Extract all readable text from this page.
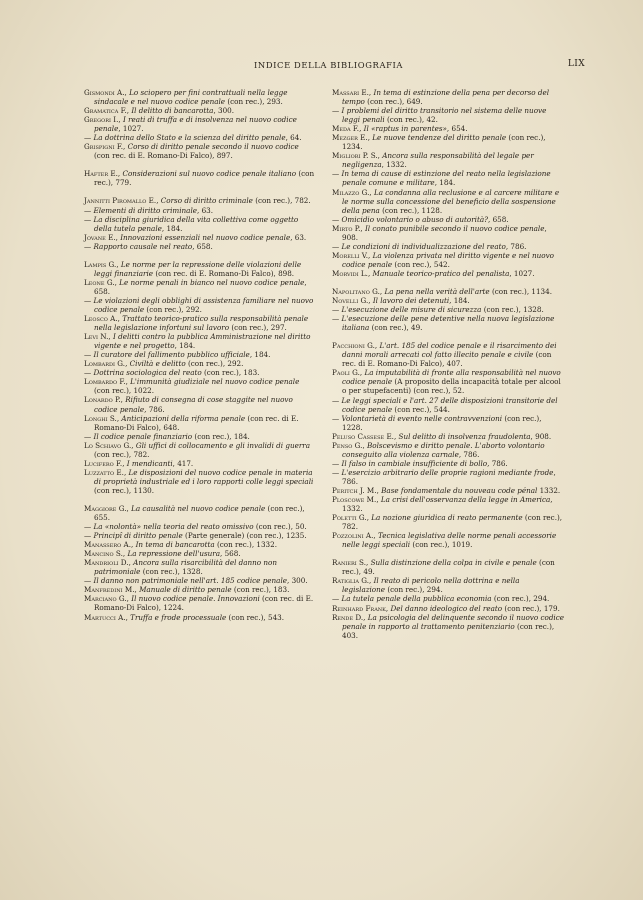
INDICE DELLA BIBLIOGRAFIA	LIX

Gismondi A., Lo sciopero per fini contrattuali nella legge sindacale e nel nuovo codice penale (con rec.), 293.

Gramatica F., Il delitto di bancarotta, 300.

Gregori I., I reati di truffa e di insolvenza nel nuovo codice penale, 1027.

— La dottrina dello Stato e la scienza del diritto penale, 64.

Grispigni F., Corso di diritto penale secondo il nuovo codice (con rec. di E. Romano-Di Falco), 897.

Hafter E., Considerazioni sul nuovo codice penale italiano (con rec.), 779.

Jannitti Piromallo E., Corso di diritto criminale (con rec.), 782.

— Elementi di diritto criminale, 63.

— La disciplina giuridica della vita collettiva come oggetto della tutela penale, 184.

Jovane E., Innovazioni essenziali nel nuovo codice penale, 63.

— Rapporto causale nel reato, 658.

Lampis G., Le norme per la repressione delle violazioni delle leggi finanziarie (con rec. di E. Romano-Di Falco), 898.

Leone G., Le norme penali in bianco nel nuovo codice penale, 658.

— Le violazioni degli obblighi di assistenza familiare nel nuovo codice penale (con rec.), 292.

Leosco A., Trattato teorico-pratico sulla responsabilità penale nella legislazione infortuni sul lavoro (con rec.), 297.

Levi N., I delitti contro la pubblica Amministrazione nel diritto vigente e nel progetto, 184.

— Il curatore del fallimento pubblico ufficiale, 184.

Lombardi G., Civiltà e delitto (con rec.), 292.

— Dottrina sociologica del reato (con rec.), 183.

Lombardo F., L'immunità giudiziale nel nuovo codice penale (con rec.), 1022.

Lonardo P., Rifiuto di consegna di cose staggite nel nuovo codice penale, 786.

Longhi S., Anticipazioni della riforma penale (con rec. di E. Romano-Di Falco), 648.

— Il codice penale finanziario (con rec.), 184.

Lo Schiavo G., Gli uffici di collocamento e gli invalidi di guerra (con rec.), 782.

Lucifero F., I mendicanti, 417.

Luzzatto E., Le disposizioni del nuovo codice penale in materia di proprietà industriale ed i loro rapporti colle leggi speciali (con rec.), 1130.

Maggiore G., La causalità nel nuovo codice penale (con rec.), 655.

— La «nolontà» nella teoria del reato omissivo (con rec.), 50.

— Principî di diritto penale (Parte generale) (con rec.), 1235.

Manassero A., In tema di bancarotta (con rec.), 1332.

Mancino S., La repressione dell'usura, 568.

Mandrioli D., Ancora sulla risarcibilità del danno non patrimoniale (con rec.), 1328.

— Il danno non patrimoniale nell'art. 185 codice penale, 300.

Manfredini M., Manuale di diritto penale (con rec.), 183.

Marciano G., Il nuovo codice penale. Innovazioni (con rec. di E. Romano-Di Falco), 1224.

Martucci A., Truffa e frode processuale (con rec.), 543.

Massari E., In tema di estinzione della pena per decorso del tempo (con rec.), 649.

— I problemi del diritto transitorio nel sistema delle nuove leggi penali (con rec.), 42.

Meda F., Il «raptus in parentes», 654.

Mezger E., Le nuove tendenze del diritto penale (con rec.), 1234.

Migliori P. S., Ancora sulla responsabilità del legale per negligenza, 1332.

— In tema di cause di estinzione del reato nella legislazione penale comune e militare, 184.

Milazzo G., La condanna alla reclusione e al carcere militare e le norme sulla concessione del beneficio della sospensione della pena (con rec.), 1128.

— Omicidio volontario o abuso di autorità?, 658.

Mirto P., Il conato punibile secondo il nuovo codice penale, 908.

— Le condizioni di individualizzazione del reato, 786.

Morelli V., La violenza privata nel diritto vigente e nel nuovo codice penale (con rec.), 542.

Morvidi L., Manuale teorico-pratico del penalista, 1027.

Napolitano G., La pena nella verità dell'arte (con rec.), 1134.

Novelli G., Il lavoro dei detenuti, 184.

— L'esecuzione delle misure di sicurezza (con rec.), 1328.

— L'esecuzione delle pene detentive nella nuova legislazione italiana (con rec.), 49.

Pacchioni G., L'art. 185 del codice penale e il risarcimento dei danni morali arrecati col fatto illecito penale e civile (con rec. di E. Romano-Di Falco), 407.

Paoli G., La imputabilità di fronte alla responsabilità nel nuovo codice penale (A proposito della incapacità totale per alcool o per stupefacenti) (con rec.), 52.

— Le leggi speciali e l'art. 27 delle disposizioni transitorie del codice penale (con rec.), 544.

— Volontarietà di evento nelle contravvenzioni (con rec.), 1228.

Peluso Cassese E., Sul delitto di insolvenza fraudolenta, 908.

Penso G., Bolscevismo e diritto penale. L'aborto volontario conseguito alla violenza carnale, 786.

— Il falso in cambiale insufficiente di bollo, 786.

— L'esercizio arbitrario delle proprie ragioni mediante frode, 786.

Peritch J. M., Base fondamentale du nouveau code pénal 1332.

Ploscowe M., La crisi dell'osservanza della legge in America, 1332.

Poletti G., La nozione giuridica di reato permanente (con rec.), 782.

Pozzolini A., Tecnica legislativa delle norme penali accessorie nelle leggi speciali (con rec.), 1019.

Ranieri S., Sulla distinzione della colpa in civile e penale (con rec.), 49.

Ratiglia G., Il reato di pericolo nella dottrina e nella legislazione (con rec.), 294.

— La tutela penale della pubblica economia (con rec.), 294.

Reinhard Frank, Del danno ideologico del reato (con rec.), 179.

Rende D., La psicologia del delinquente secondo il nuovo codice penale in rapporto al trattamento penitenziario (con rec.), 403.
